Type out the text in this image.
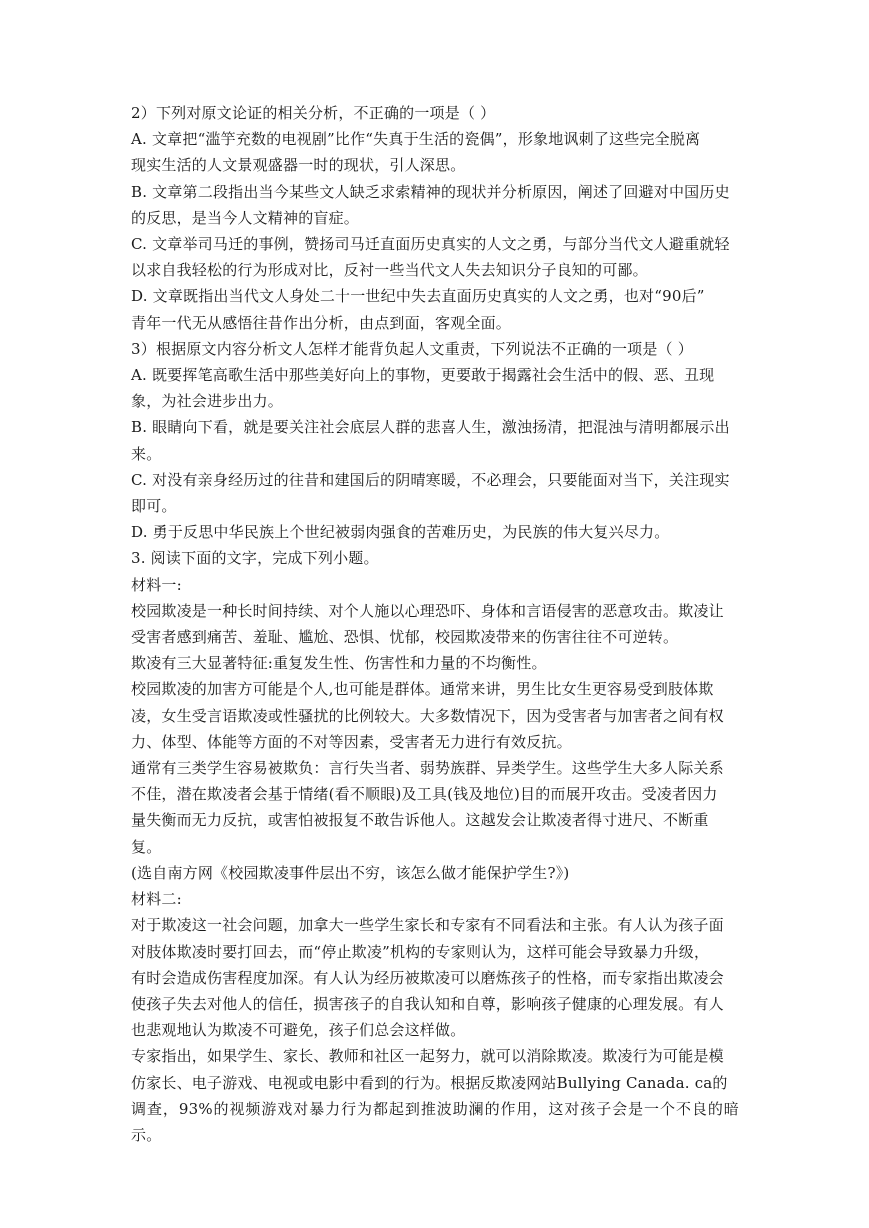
2）下列对原文论证的相关分析，不正确的一项是（ ）

A. 文章把“滥竽充数的电视剧”比作“失真于生活的瓷偶”，形象地讽刺了这些完全脱离

现实生活的人文景观盛器一时的现状，引人深思。

B. 文章第二段指出当今某些文人缺乏求索精神的现状并分析原因，阐述了回避对中国历史

的反思，是当今人文精神的盲症。

C. 文章举司马迁的事例，赞扬司马迁直面历史真实的人文之勇，与部分当代文人避重就轻

以求自我轻松的行为形成对比，反衬一些当代文人失去知识分子良知的可鄙。

D. 文章既指出当代文人身处二十一世纪中失去直面历史真实的人文之勇，也对“90后”

青年一代无从感悟往昔作出分析，由点到面，客观全面。

3）根据原文内容分析文人怎样才能背负起人文重责，下列说法不正确的一项是（ ）

A. 既要挥笔高歌生活中那些美好向上的事物，更要敢于揭露社会生活中的假、恶、丑现

象，为社会进步出力。

B. 眼睛向下看，就是要关注社会底层人群的悲喜人生，激浊扬清，把混浊与清明都展示出

来。

C. 对没有亲身经历过的往昔和建国后的阴晴寒暖，不必理会，只要能面对当下，关注现实

即可。

D. 勇于反思中华民族上个世纪被弱肉强食的苦难历史，为民族的伟大复兴尽力。

3. 阅读下面的文字，完成下列小题。

材料一:

校园欺凌是一种长时间持续、对个人施以心理恐吓、身体和言语侵害的恶意攻击。欺凌让

受害者感到痛苦、羞耻、尴尬、恐惧、忧郁，校园欺凌带来的伤害往往不可逆转。

欺凌有三大显著特征:重复发生性、伤害性和力量的不均衡性。

校园欺凌的加害方可能是个人,也可能是群体。通常来讲，男生比女生更容易受到肢体欺

凌，女生受言语欺凌或性骚扰的比例较大。大多数情况下，因为受害者与加害者之间有权

力、体型、体能等方面的不对等因素，受害者无力进行有效反抗。

通常有三类学生容易被欺负：言行失当者、弱势族群、异类学生。这些学生大多人际关系

不佳，潜在欺凌者会基于情绪(看不顺眼)及工具(钱及地位)目的而展开攻击。受凌者因力

量失衡而无力反抗，或害怕被报复不敢告诉他人。这越发会让欺凌者得寸进尺、不断重

复。

(选自南方网《校园欺凌事件层出不穷，该怎么做才能保护学生?》)

材料二:

对于欺凌这一社会问题，加拿大一些学生家长和专家有不同看法和主张。有人认为孩子面

对肢体欺凌时要打回去，而“停止欺凌”机构的专家则认为，这样可能会导致暴力升级，

有时会造成伤害程度加深。有人认为经历被欺凌可以磨炼孩子的性格，而专家指出欺凌会

使孩子失去对他人的信任，损害孩子的自我认知和自尊，影响孩子健康的心理发展。有人

也悲观地认为欺凌不可避免，孩子们总会这样做。

专家指出，如果学生、家长、教师和社区一起努力，就可以消除欺凌。欺凌行为可能是模

仿家长、电子游戏、电视或电影中看到的行为。根据反欺凌网站Bullying Canada. ca的

调查，93%的视频游戏对暴力行为都起到推波助澜的作用，这对孩子会是一个不良的暗示。
